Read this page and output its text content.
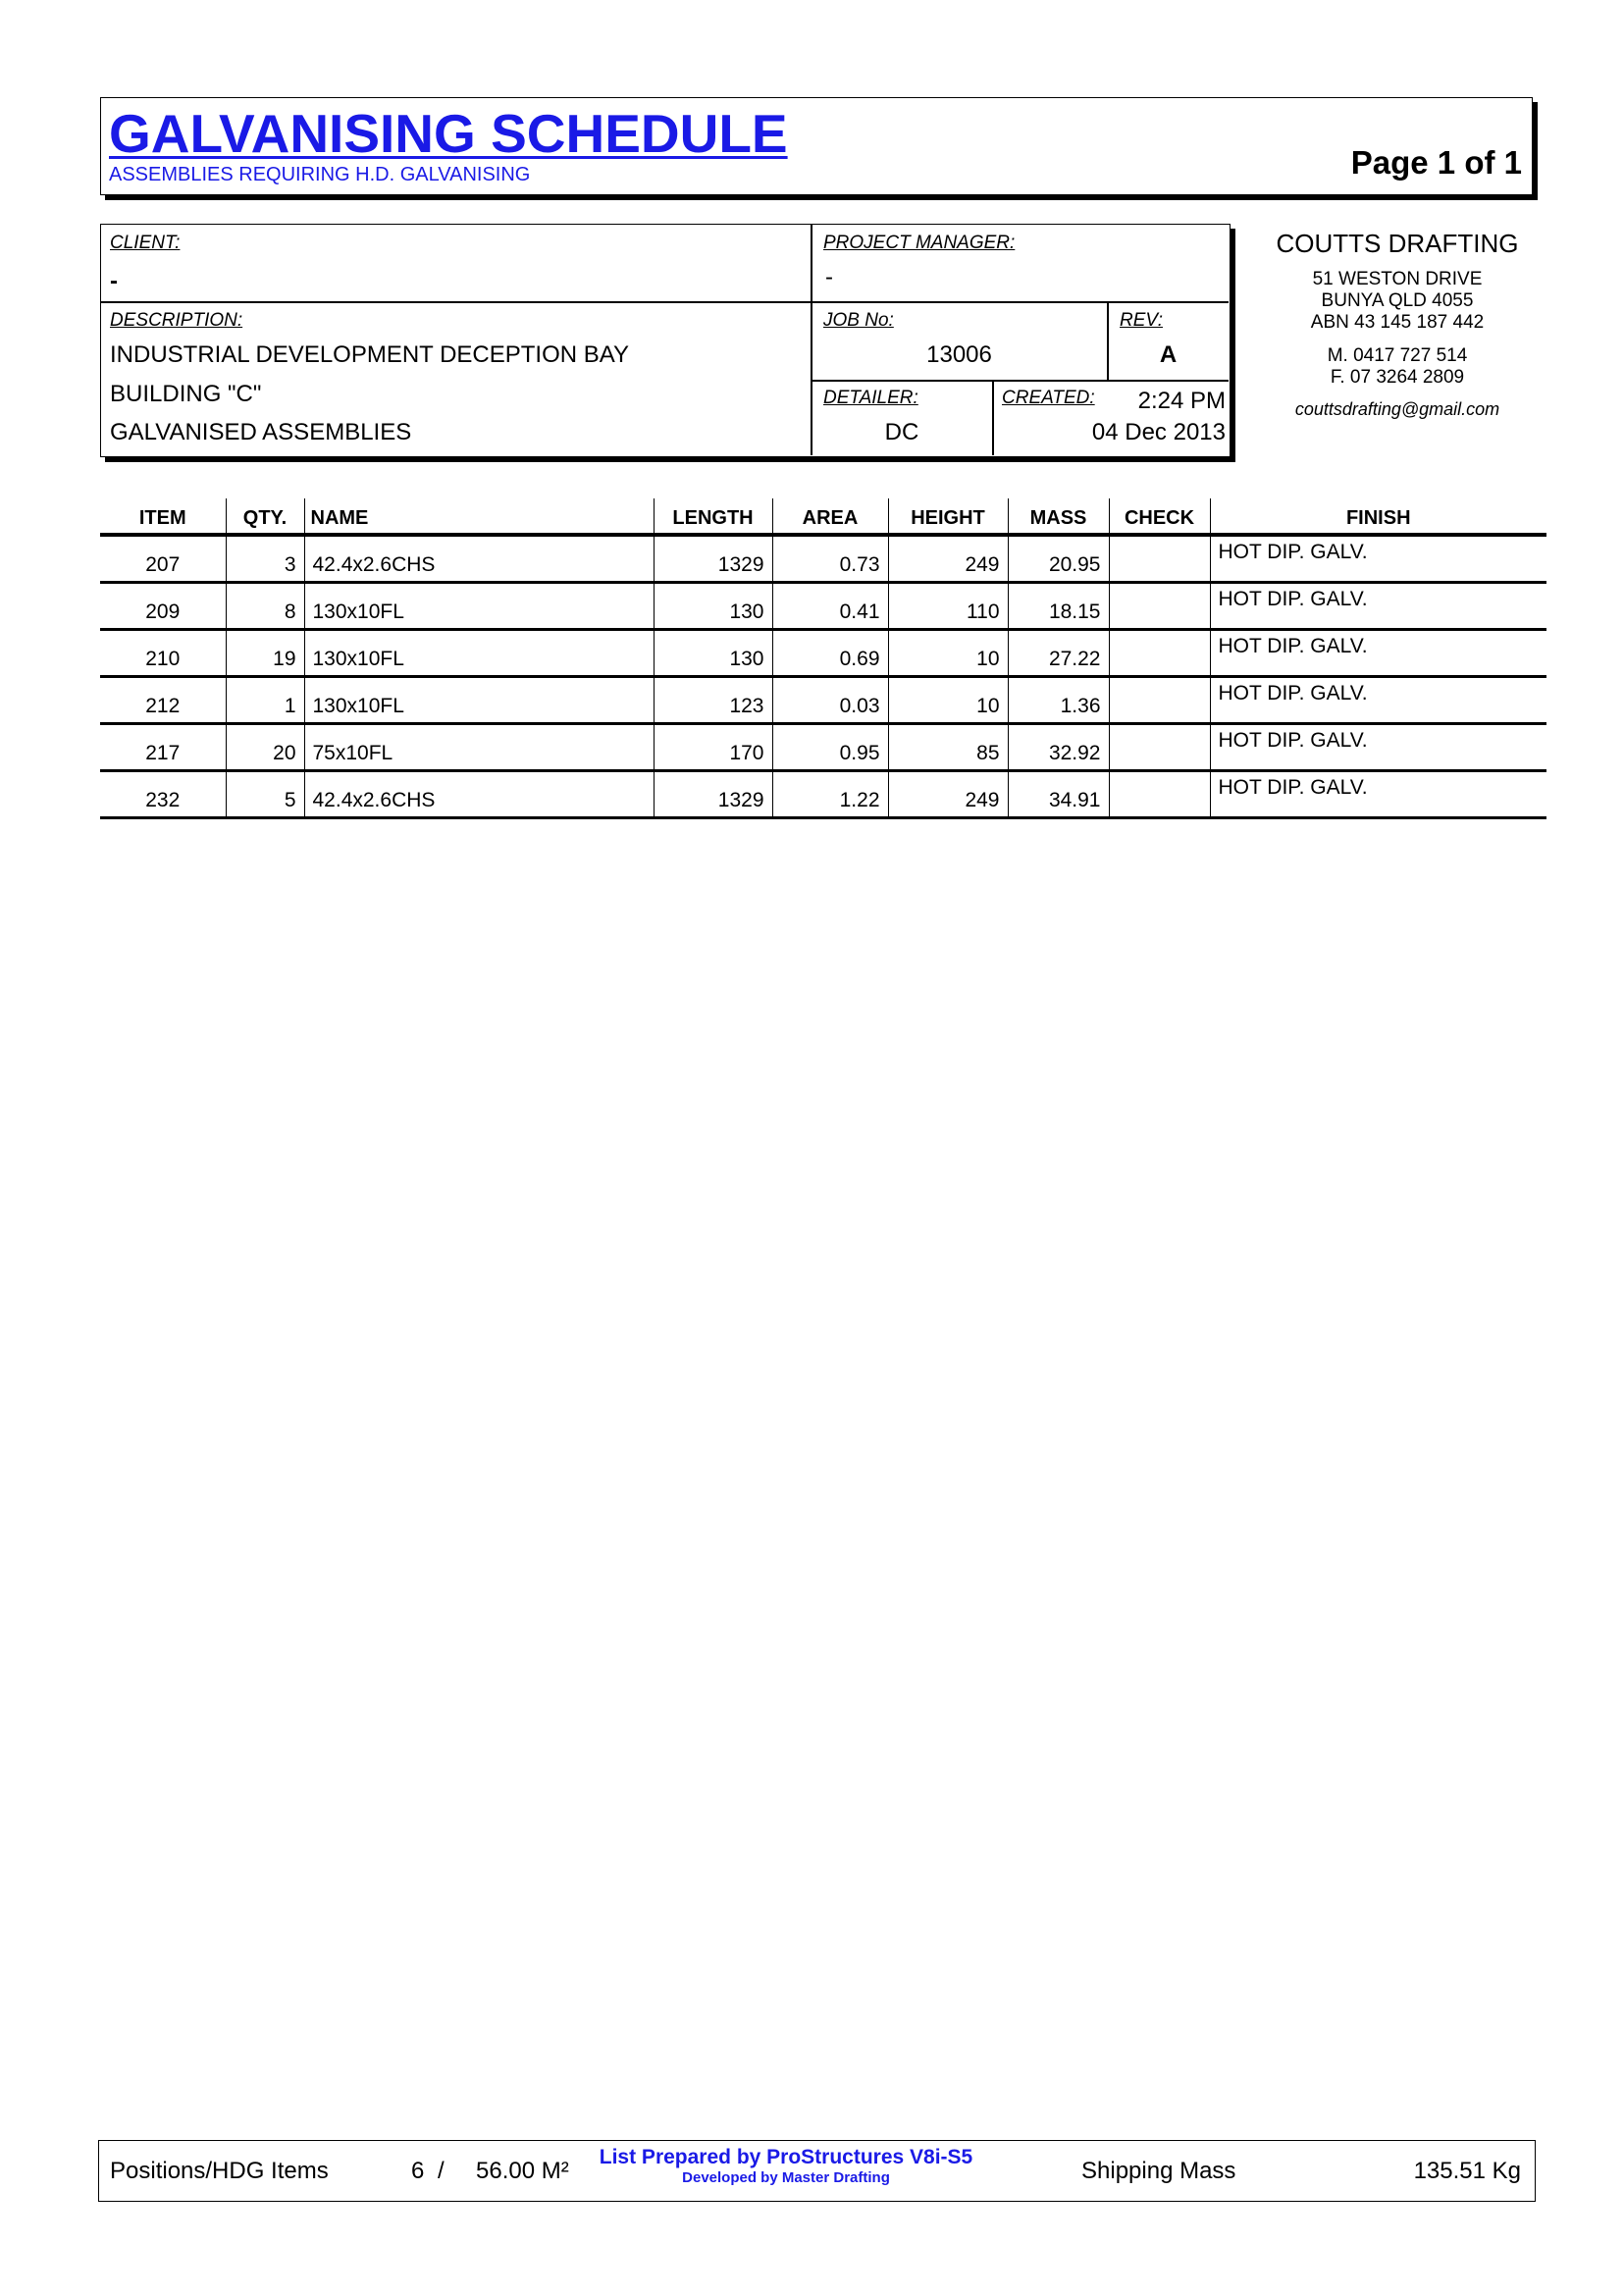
GALVANISING SCHEDULE
ASSEMBLIES REQUIRING H.D. GALVANISING	Page 1 of 1
CLIENT:
-
PROJECT MANAGER:
-
DESCRIPTION:
INDUSTRIAL DEVELOPMENT DECEPTION BAY
BUILDING "C"
GALVANISED ASSEMBLIES
JOB No:
13006
REV:
A
DETAILER:
DC
CREATED: 2:24 PM
04 Dec 2013
COUTTS DRAFTING
51 WESTON DRIVE
BUNYA QLD 4055
ABN 43 145 187 442
M. 0417 727 514
F. 07 3264 2809
couttsdrafting@gmail.com
ITEM	QTY.	NAME	LENGTH	AREA	HEIGHT	MASS	CHECK	FINISH
207	3	42.4x2.6CHS	1329	0.73	249	20.95		HOT DIP. GALV.
209	8	130x10FL	130	0.41	110	18.15		HOT DIP. GALV.
210	19	130x10FL	130	0.69	10	27.22		HOT DIP. GALV.
212	1	130x10FL	123	0.03	10	1.36		HOT DIP. GALV.
217	20	75x10FL	170	0.95	85	32.92		HOT DIP. GALV.
232	5	42.4x2.6CHS	1329	1.22	249	34.91		HOT DIP. GALV.
Positions/HDG Items	6 / 56.00 M²
List Prepared by ProStructures V8i-S5
Developed by Master Drafting	Shipping Mass	135.51 Kg
